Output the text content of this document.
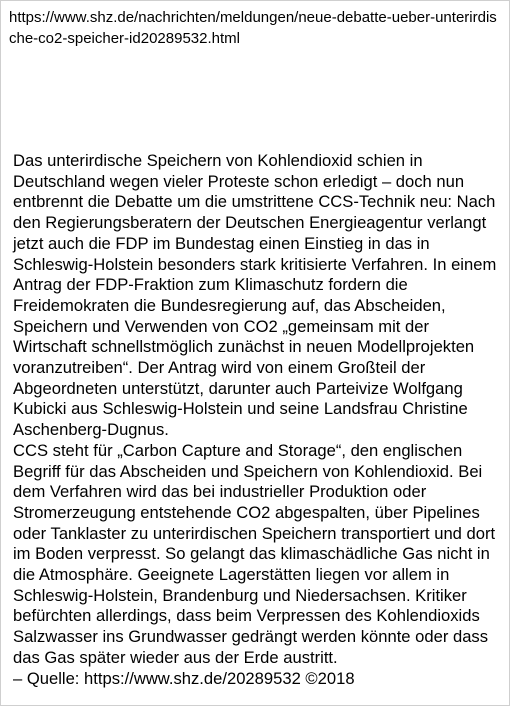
https://www.shz.de/nachrichten/meldungen/neue-debatte-ueber-unterirdische-co2-speicher-id20289532.html

Das unterirdische Speichern von Kohlendioxid schien in Deutschland wegen vieler Proteste schon erledigt – doch nun entbrennt die Debatte um die umstrittene CCS-Technik neu: Nach den Regierungsberatern der Deutschen Energieagentur verlangt jetzt auch die FDP im Bundestag einen Einstieg in das in Schleswig-Holstein besonders stark kritisierte Verfahren. In einem Antrag der FDP-Fraktion zum Klimaschutz fordern die Freidemokraten die Bundesregierung auf, das Abscheiden, Speichern und Verwenden von CO2 „gemeinsam mit der Wirtschaft schnellstmöglich zunächst in neuen Modellprojekten voranzutreiben“. Der Antrag wird von einem Großteil der Abgeordneten unterstützt, darunter auch Parteivize Wolfgang Kubicki aus Schleswig-Holstein und seine Landsfrau Christine Aschenberg-Dugnus.

CCS steht für „Carbon Capture and Storage“, den englischen Begriff für das Abscheiden und Speichern von Kohlendioxid. Bei dem Verfahren wird das bei industrieller Produktion oder Stromerzeugung entstehende CO2 abgespalten, über Pipelines oder Tanklaster zu unterirdischen Speichern transportiert und dort im Boden verpresst. So gelangt das klimaschädliche Gas nicht in die Atmosphäre. Geeignete Lagerstätten liegen vor allem in Schleswig-Holstein, Brandenburg und Niedersachsen. Kritiker befürchten allerdings, dass beim Verpressen des Kohlendioxids Salzwasser ins Grundwasser gedrängt werden könnte oder dass das Gas später wieder aus der Erde austritt.

– Quelle: https://www.shz.de/20289532 ©2018
